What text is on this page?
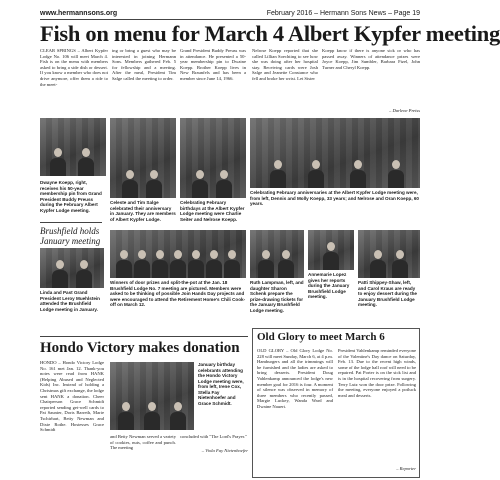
www.hermannsons.org	February 2016 – Hermann Sons News – Page 19
Fish on menu for March 4 Albert Kypfer meeting
CLEAR SPRINGS – Albert Kypfer Lodge No. 106 will meet March 4. Fish is on the menu with members asked to bring a side dish or dessert. If you know a member who does not drive anymore, offer them a ride to the meet-
ing or bring a guest who may be interested in joining Hermann Sons. Members gathered Feb. 5 for fellowship and a meeting. After the meal, President Tim Salge called the meeting to order.
Grand President Buddy Preuss was in attendance. He presented a 50-year membership pin to Dwaine Koepp. Brother Koepp lives in New Braunfels and has been a member since June 14, 1966.
Nelrose Koepp reported that she called Lillian Soechting to see how she was doing after her hospital stay. Receiving cards were Josh Salge and Jeanette Constance who fell and broke her wrist. Let Sister
Koepp know if there is anyone sick or who has passed away. Winners of attendance prizes were Joyce Koepp, Jim Sumbler, Barbara Fizel, John Turner and Cheryl Koepp.
– Darlene Preiss
Dwayne Koepp, right, receives his 50-year membership pin from Grand President Buddy Preuss during the February Albert Kypfer Lodge meeting.
Celeste and Tim Salge celebrated their anniversary in January. They are members of Albert Kypfer Lodge.
Celebrating February birthdays at the Albert Kypfer Lodge meeting were Charlie Seiter and Nelrose Koepp.
Celebrating February anniversaries at the Albert Kypfer Lodge meeting were, from left, Dennis and Molly Koepp, 33 years; and Nelrose and Oran Koepp, 60 years.
Brushfield holds January meeting
Linda and Past Grand President Leroy Muehlstein attended the Brushfield Lodge meeting in January.
Winners of door prizes and split-the-pot at the Jan. 18 Brushfield Lodge No. 7 meeting are pictured. Members were asked to be thinking of possible Join Hands Day projects and were encouraged to attend the Retirement Home's Chili Cook-off on March 12.
Ruth Lampman, left, and daughter Sharon Schenk prepare the prize-drawing tickets for the January Brushfield Lodge meeting.
Annemarie Lopez gives her reports during the January Brushfield Lodge meeting.
Patti Shippey-Shaw, left, and Carol Kraus are ready to enjoy dessert during the January Brushfield Lodge meeting.
Hondo Victory makes donation
HONDO – Hondo Victory Lodge No. 161 met Jan. 12. Thank-you notes were read from HANK (Helping Abused and Neglected Kids) Inc. Instead of holding a Christmas gift exchange, the lodge sent HANK a donation. Cheer Chairperson Grace Schmidt reported sending get-well cards to Pat Saunier, Doris Barreth, Marie Tschirhart, Betty Newman and Dixie Rothe. Hostesses Grace Schmidt
January birthday celebrants attending the Hondo Victory Lodge meeting were, from left, Irene Cox, Stella Fay Nietenhoefer and Grace Schmidt.
and Betty Newman served a variety of cookies, nuts, coffee and punch. The meeting
concluded with "The Lord's Prayer."
– Viola Fay Nietenhoefer
Old Glory to meet March 6
OLD GLORY – Old Glory Lodge No. 228 will meet Sunday, March 6, at 4 p.m. Hamburgers and all the trimmings will be furnished and the ladies are asked to bring desserts. President Doug Vahlenkamp announced the lodge's new member goal for 2016 is four. A moment of silence was observed in memory of three members who recently passed, Margie Luckey, Wanda Ward and Dwaine Nauert.
President Vahlenkamp reminded everyone of the Valentine's Day dance on Saturday, Feb. 13. Due to the recent high winds, some of the lodge hall roof will need to be repaired. Pat Porter is on the sick list and is in the hospital recovering from surgery. Terry Lutz won the door prize. Following the meeting, everyone enjoyed a potluck meal and desserts.
– Reporter
